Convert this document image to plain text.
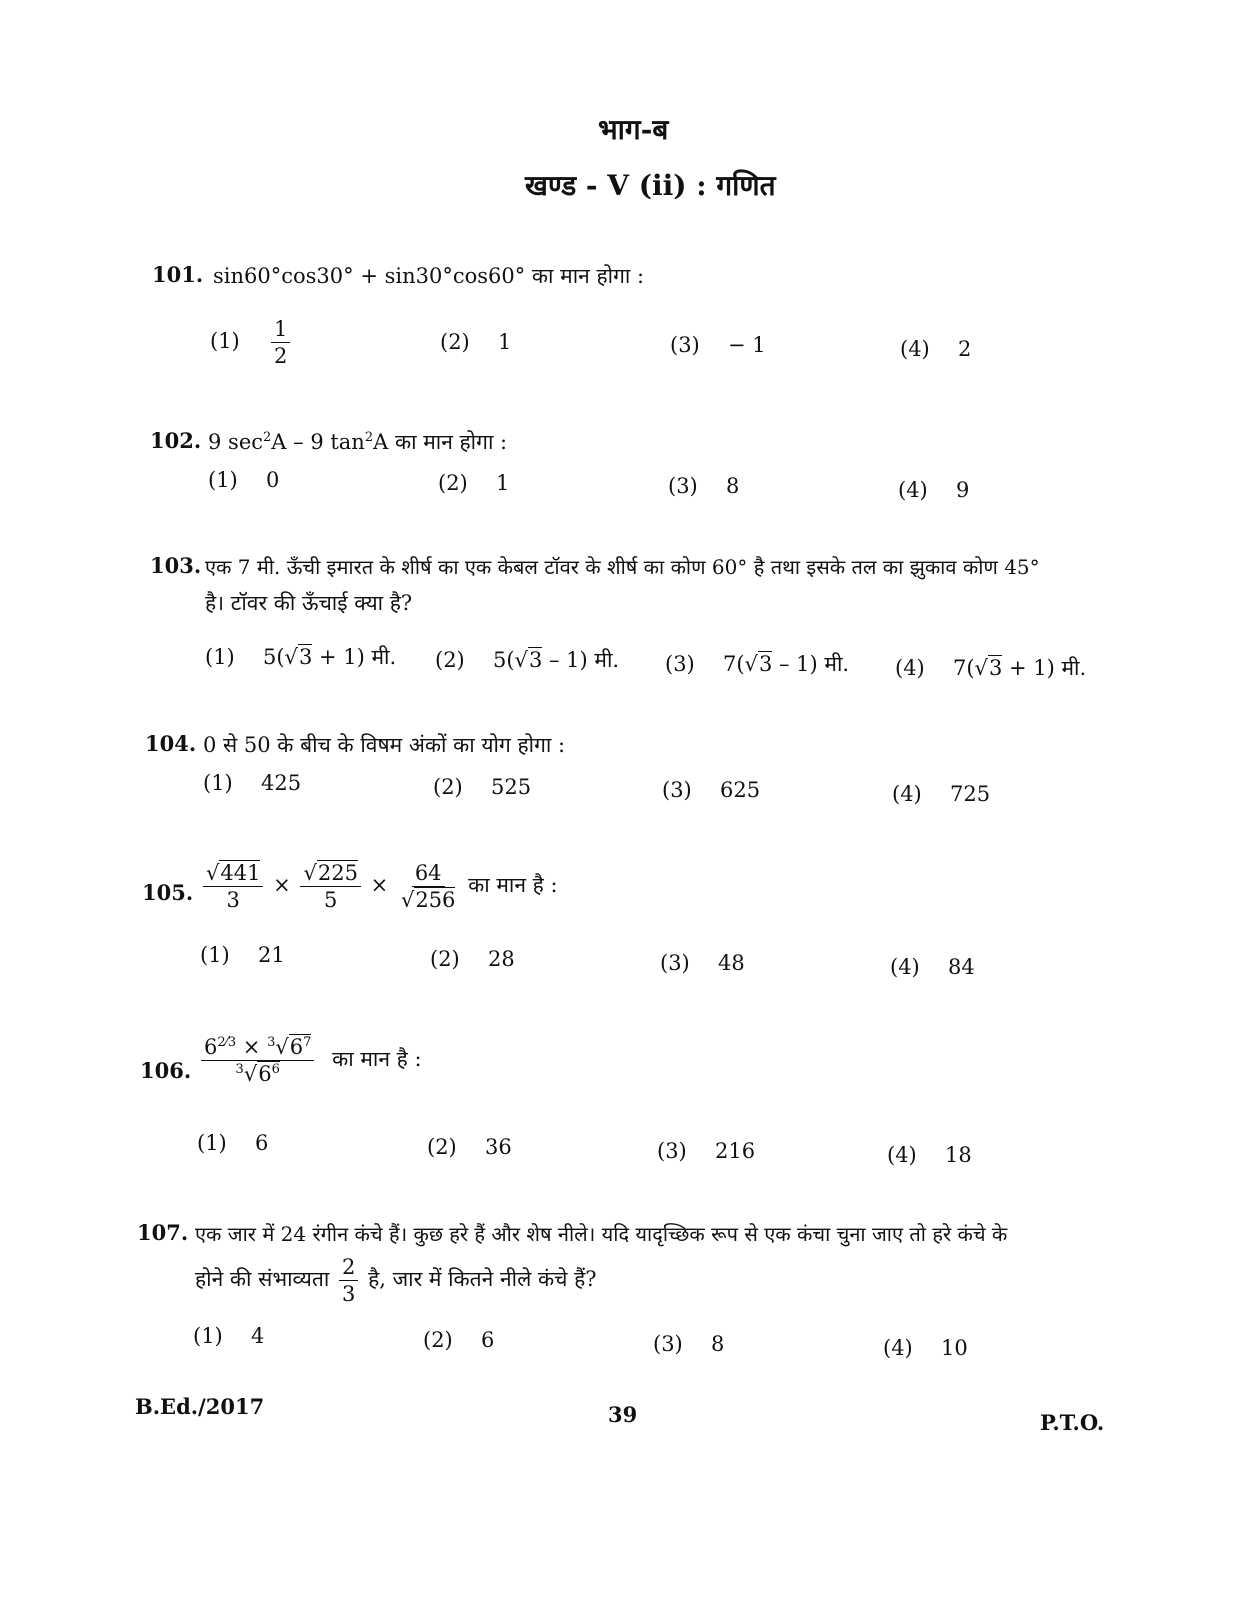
भाग-ब
खण्ड - V (ii) : गणित
101. sin60°cos30° + sin30°cos60° का मान होगा :
$(1) \frac{1}{2}$	(2) 1	(3) − 1	(4) 2
102. 9 $\sec^2A - 9$ $\tan^2A$ का मान होगा :
(1) 0	(2) 1	(3) 8	(4) 9
103. एक 7 मी. ऊँची इमारत के शीर्ष का एक केबल टॉवर के शीर्ष का कोण 60° है तथा इसके तल का झुकाव कोण 45°
है। टॉवर की ऊँचाई क्या है?
(1) 5(√3 + 1) मी. (2) 5(√3 – 1) मी. (3) 7(√3 – 1) मी. (4) 7(√3 + 1) मी.
104. 0 से 50 के बीच के विषम अंकों का योग होगा :
(1) 425	(2) 525	(3) 625	(4) 725
105. $\frac{√441}{3} \times \frac{√225}{5} \times \frac{64}{√256}$ का मान है :
(1) 21	(2) 28	(3) 48	(4) 84
106. $\frac{6^{2⁄3} \times ^3√6^7}{^3√6^6}$ का मान है :
(1) 6	(2) 36	(3) 216	(4) 18
107. एक जार में 24 रंगीन कंचे हैं। कुछ हरे हैं और शेष नीले। यदि यादृच्छिक रूप से एक कंचा चुना जाए तो हरे कंचे के
होने की संभाव्यता $\frac{2}{3}$ है, जार में कितने नीले कंचे हैं?
(1) 4	(2) 6	(3) 8	(4) 10
B.Ed./2017	39	P.T.O.
